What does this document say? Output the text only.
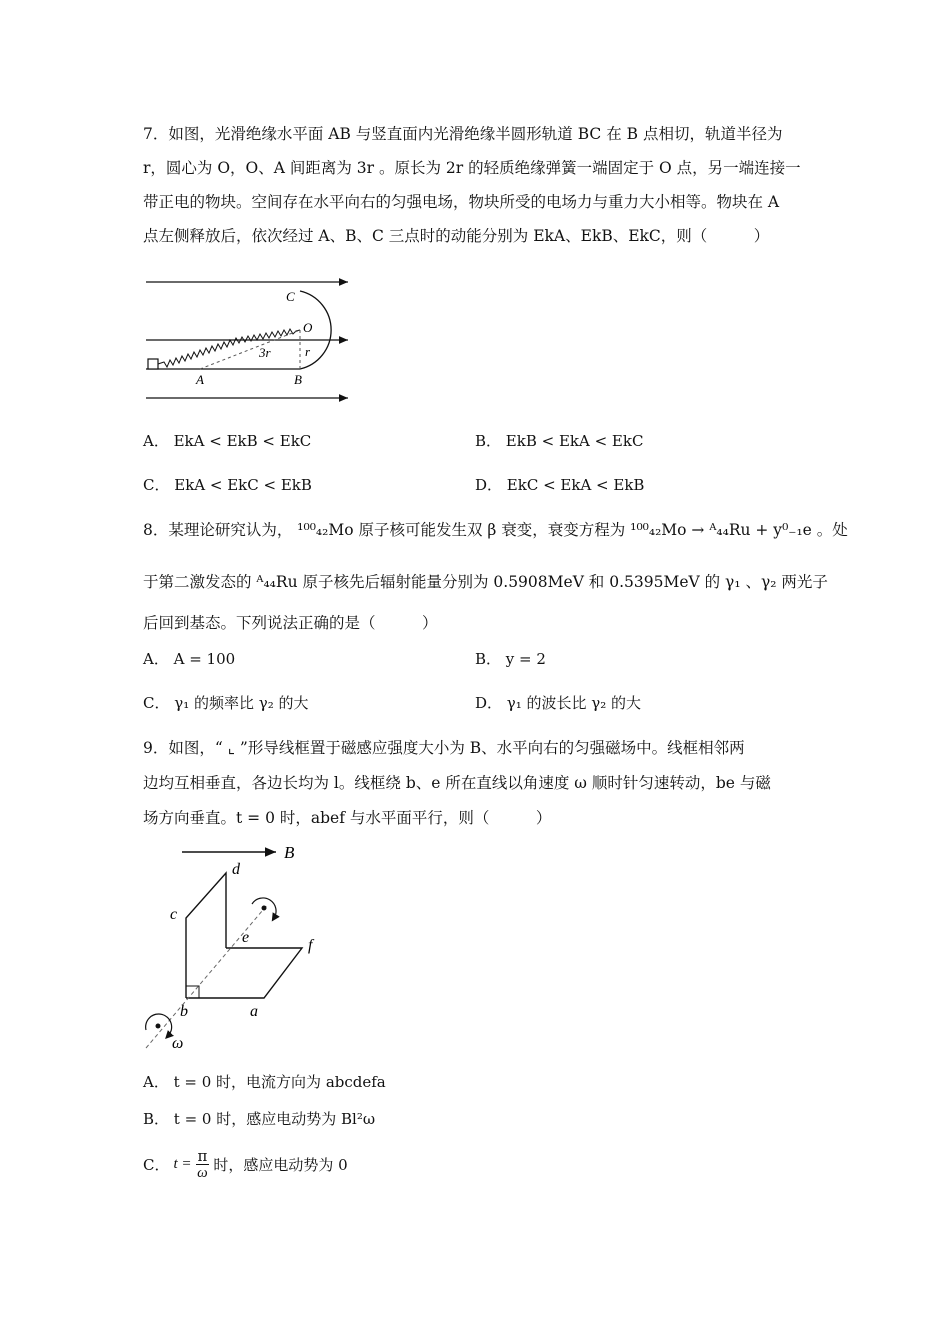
7．如图，光滑绝缘水平面 AB 与竖直面内光滑绝缘半圆形轨道 BC 在 B 点相切，轨道半径为
r，圆心为 O，O、A 间距离为 3r 。原长为 2r 的轻质绝缘弹簧一端固定于 O 点，另一端连接一
带正电的物块。空间存在水平向右的匀强电场，物块所受的电场力与重力大小相等。物块在 A
点左侧释放后，依次经过 A、B、C 三点时的动能分别为 EkA、EkB、EkC，则（　　　）
C
O
3r	r
A	B
A． EkA < EkB < EkC	B． EkB < EkA < EkC
C． EkA < EkC < EkB	D． EkC < EkA < EkB
8．某理论研究认为， ¹⁰⁰₄₂Mo 原子核可能发生双 β 衰变，衰变方程为 ¹⁰⁰₄₂Mo → ᴬ₄₄Ru + y⁰₋₁e 。处
于第二激发态的 ᴬ₄₄Ru 原子核先后辐射能量分别为 0.5908MeV 和 0.5395MeV 的 γ₁ 、γ₂ 两光子
后回到基态。下列说法正确的是（　　　）
A． A = 100	B． y = 2
C． γ₁ 的频率比 γ₂ 的大	D． γ₁ 的波长比 γ₂ 的大
9．如图，“ ⌞ ”形导线框置于磁感应强度大小为 B、水平向右的匀强磁场中。线框相邻两
边均互相垂直，各边长均为 l。线框绕 b、e 所在直线以角速度 ω 顺时针匀速转动，be 与磁
场方向垂直。t = 0 时，abef 与水平面平行，则（　　　）
B
d
c
e	f
b	a
ω
A． t = 0 时，电流方向为 abcdefa
B． t = 0 时，感应电动势为 Bl²ω
C． $t = \frac{\pi}{\omega}$ 时，感应电动势为 0
